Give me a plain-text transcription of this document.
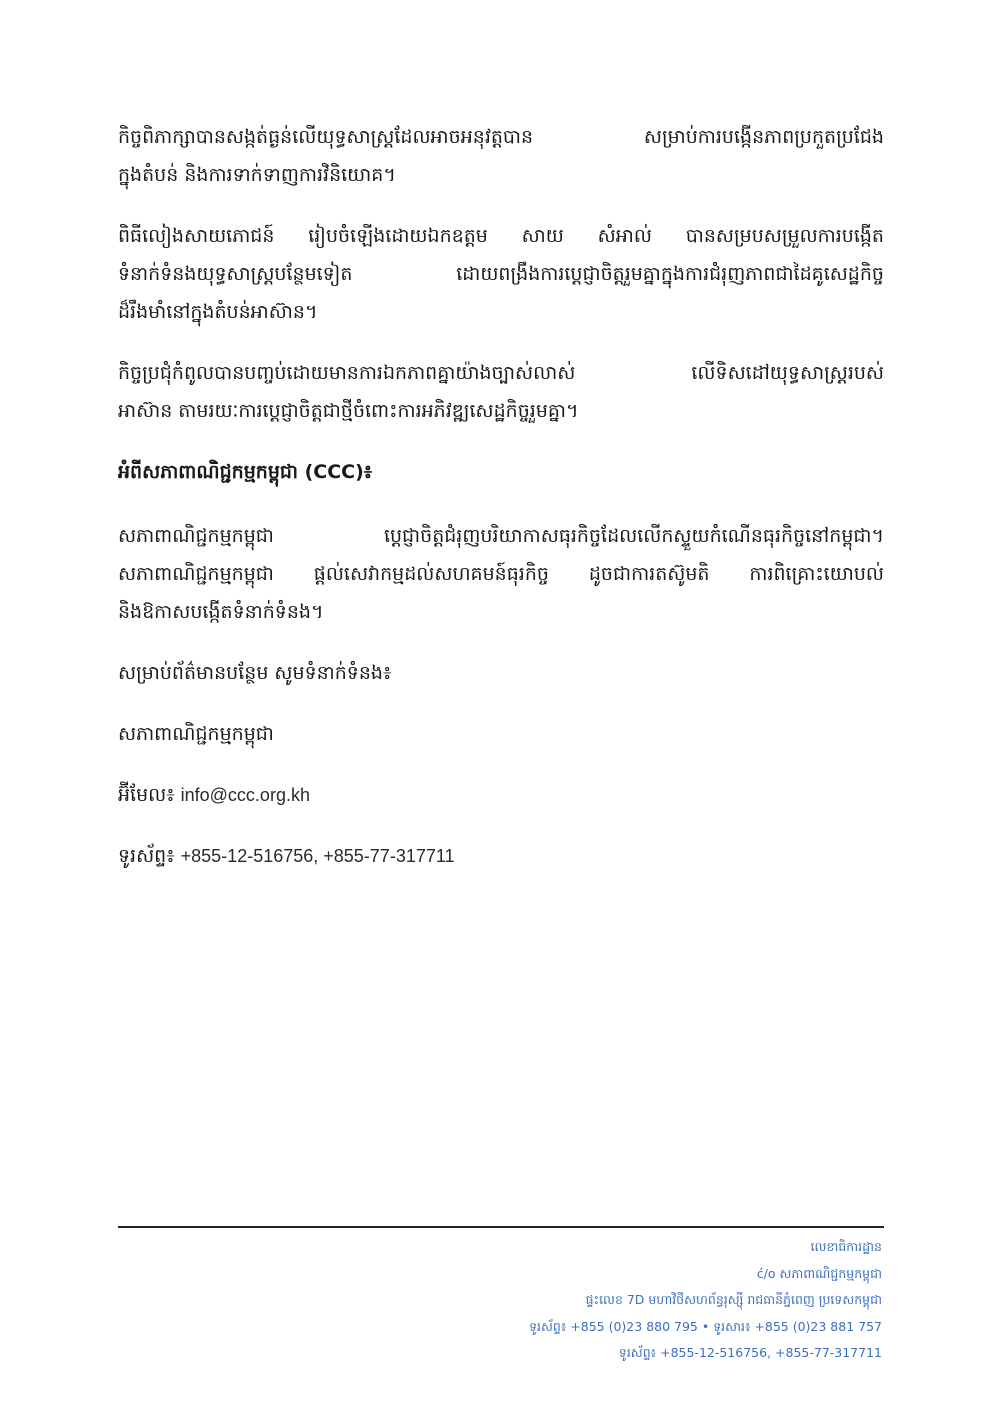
កិច្ចពិភាក្សាបានសង្កត់ធ្ងន់លើយុទ្ធសាស្ត្រដែលអាចអនុវត្តបាន សម្រាប់ការបង្កើនភាពប្រកួតប្រជែង
ក្នុងតំបន់ និងការទាក់ទាញការវិនិយោគ។

ពិធីលៀងសាយភោជន៍ រៀបចំឡើងដោយឯកឧត្តម សាយ សំអាល់ បានសម្របសម្រួលការបង្កើត
ទំនាក់ទំនងយុទ្ធសាស្ត្របន្ថែមទៀត ដោយពង្រឹងការប្តេជ្ញាចិត្តរួមគ្នាក្នុងការជំរុញភាពជាដៃគូសេដ្ឋកិច្ច
ដ៏រឹងមាំនៅក្នុងតំបន់អាស៊ាន។

កិច្ចប្រជុំកំពូលបានបញ្ចប់ដោយមានការឯកភាពគ្នាយ៉ាងច្បាស់លាស់ លើទិសដៅយុទ្ធសាស្ត្ររបស់
អាស៊ាន តាមរយៈការប្តេជ្ញាចិត្តជាថ្មីចំពោះការអភិវឌ្ឍសេដ្ឋកិច្ចរួមគ្នា។

អំពីសភាពាណិជ្ជកម្មកម្ពុជា (CCC)៖

សភាពាណិជ្ជកម្មកម្ពុជា ប្តេជ្ញាចិត្តជំរុញបរិយាកាសធុរកិច្ចដែលលើកស្ទួយកំណើនធុរកិច្ចនៅកម្ពុជា។
សភាពាណិជ្ជកម្មកម្ពុជា ផ្តល់សេវាកម្មដល់សហគមន៍ធុរកិច្ច ដូចជាការតស៊ូមតិ ការពិគ្រោះយោបល់
និងឱកាសបង្កើតទំនាក់ទំនង។

សម្រាប់ព័ត៌មានបន្ថែម សូមទំនាក់ទំនង៖

សភាពាណិជ្ជកម្មកម្ពុជា

អ៊ីមែល៖ info@ccc.org.kh

ទូរស័ព្ទ៖ +855-12-516756, +855-77-317711

លេខាធិការដ្ឋាន
ć/o សភាពាណិជ្ជកម្មកម្ពុជា
ផ្ទះលេខ 7D មហាវិថីសហព័ន្ធរុស្ស៊ី រាជធានីភ្នំពេញ ប្រទេសកម្ពុជា
ទូរស័ព្ទ៖ +855 (0)23 880 795 • ទូរសារ៖ +855 (0)23 881 757
ទូរស័ព្ទ៖ +855-12-516756, +855-77-317711
